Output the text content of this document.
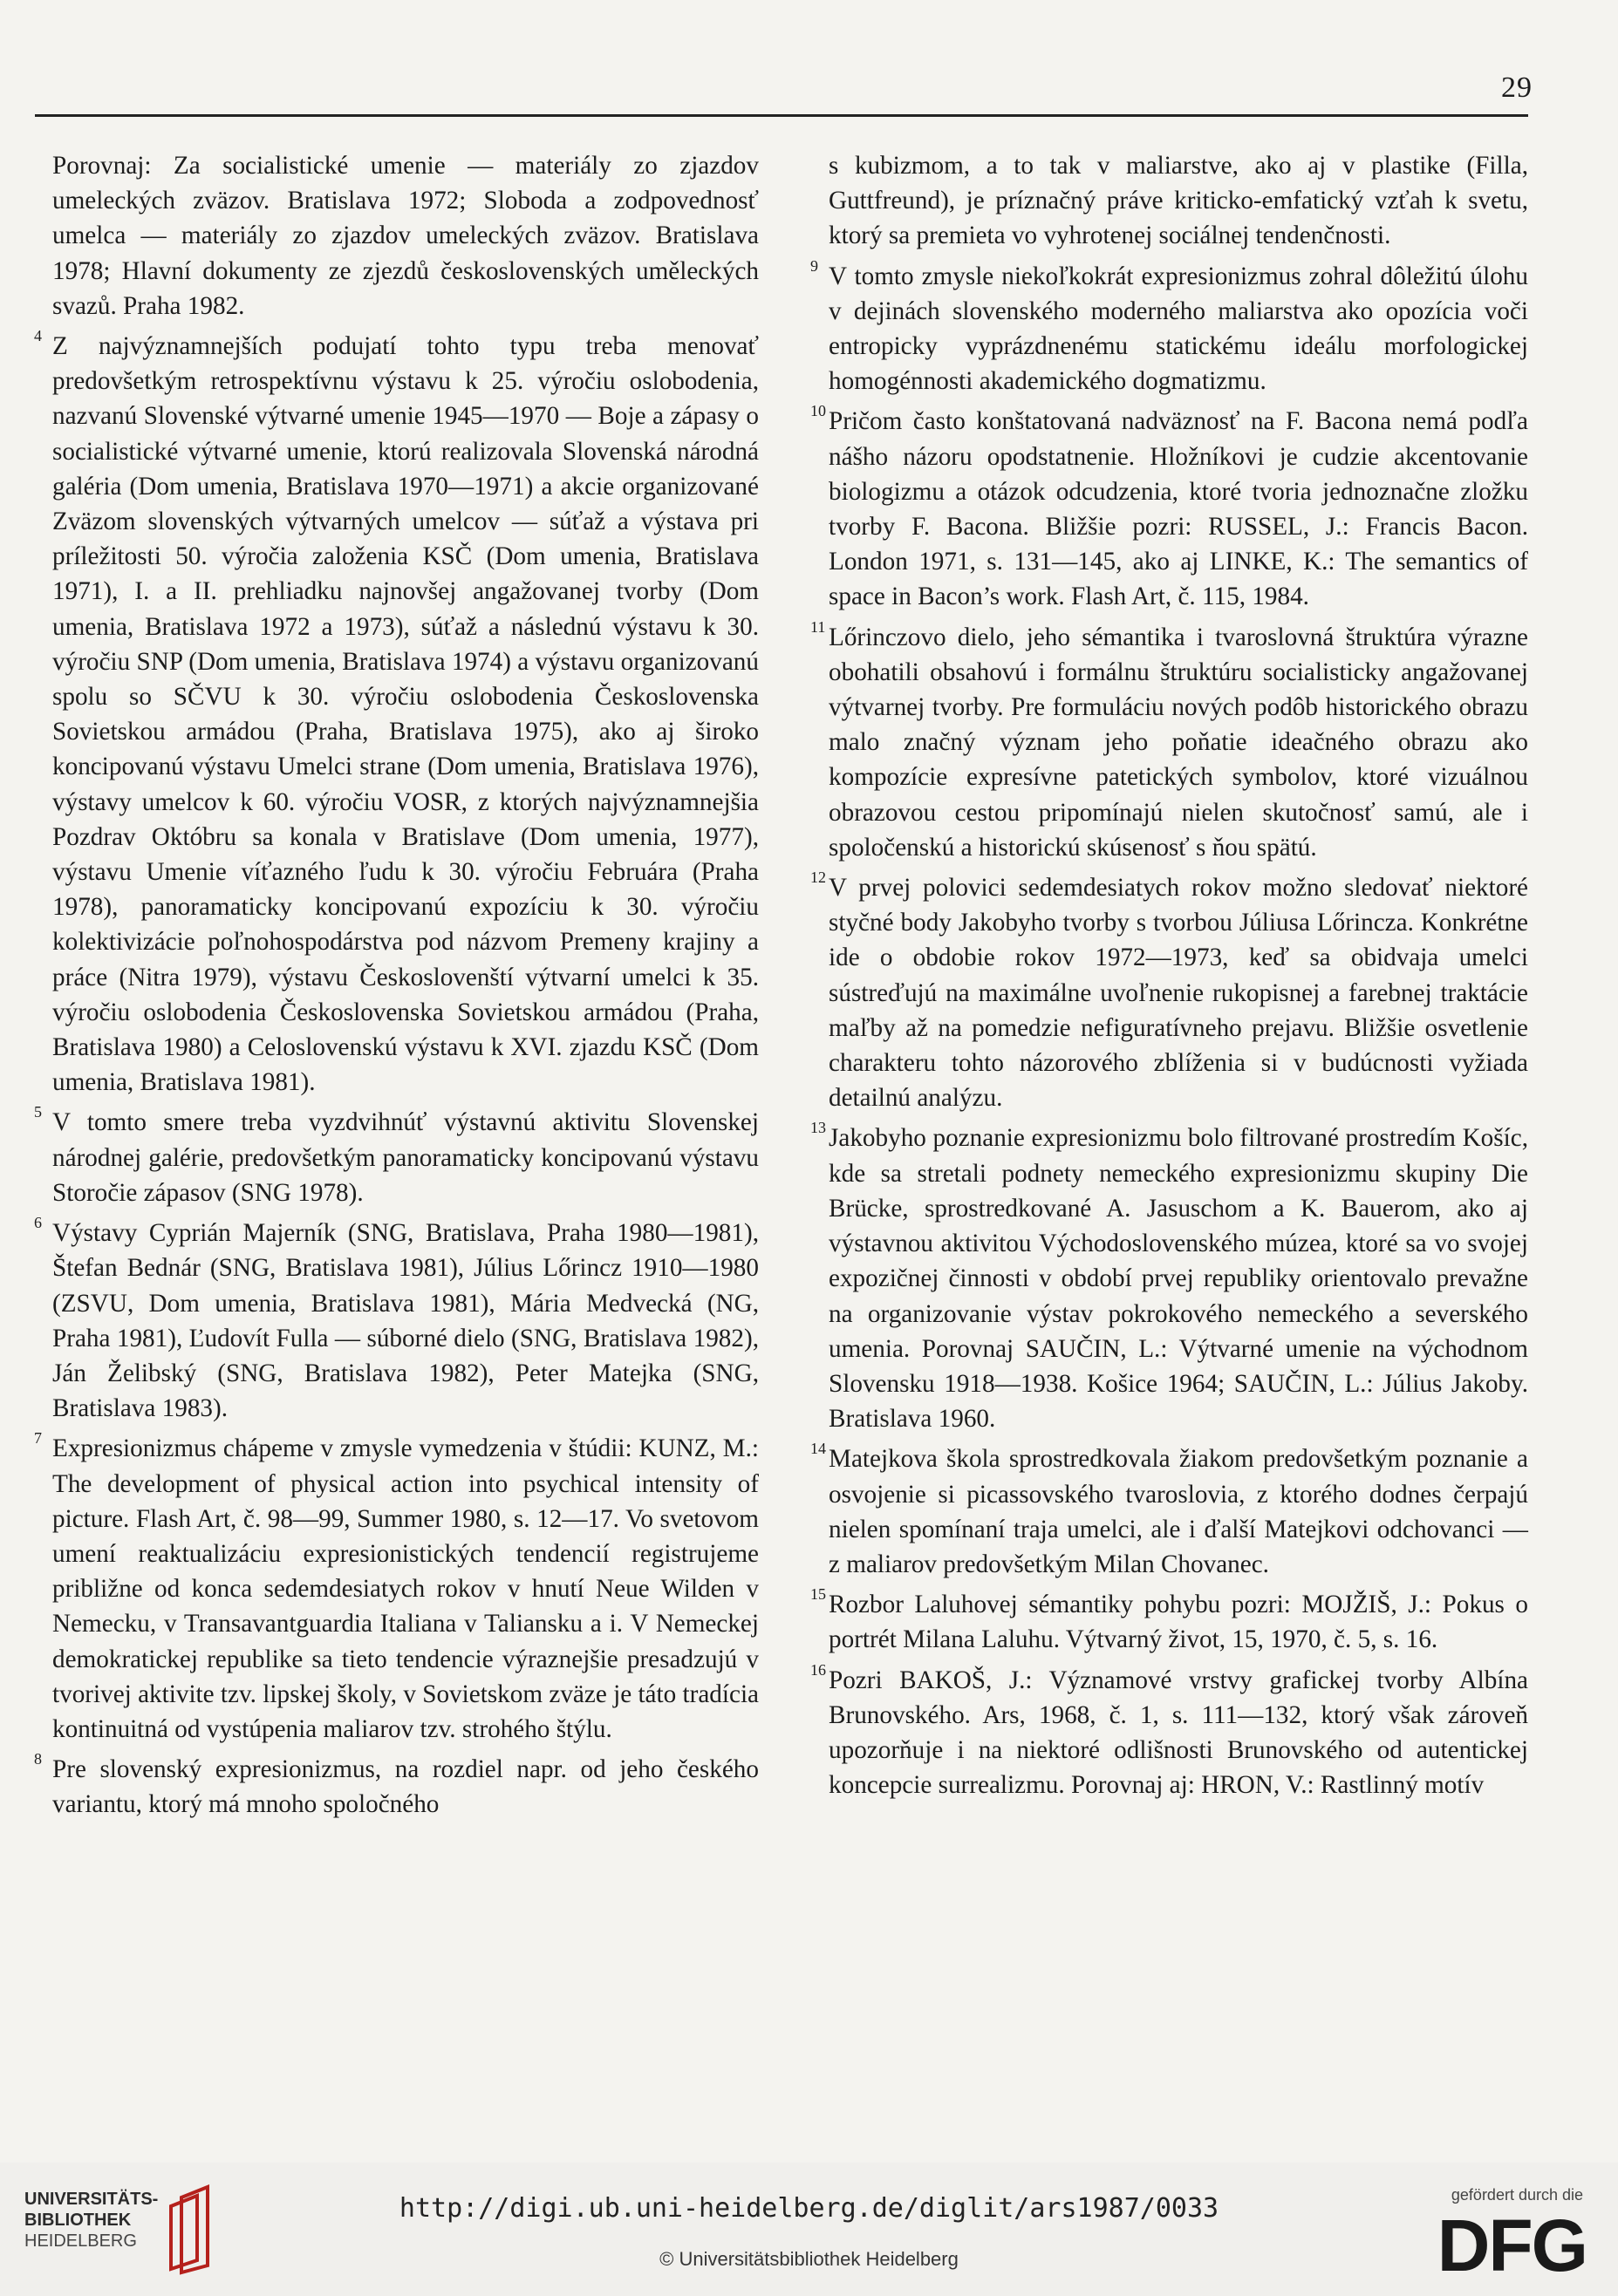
29

Porovnaj: Za socialistické umenie — materiály zo zjazdov umeleckých zväzov. Bratislava 1972; Sloboda a zodpovednosť umelca — materiály zo zjazdov umeleckých zväzov. Bratislava 1978; Hlavní dokumenty ze zjezdů československých uměleckých svazů. Praha 1982.

4 Z najvýznamnejších podujatí tohto typu treba menovať predovšetkým retrospektívnu výstavu k 25. výročiu oslobodenia, nazvanú Slovenské výtvarné umenie 1945—1970 — Boje a zápasy o socialistické výtvarné umenie, ktorú realizovala Slovenská národná galéria (Dom umenia, Bratislava 1970—1971) a akcie organizované Zväzom slovenských výtvarných umelcov — súťaž a výstava pri príležitosti 50. výročia založenia KSČ (Dom umenia, Bratislava 1971), I. a II. prehliadku najnovšej angažovanej tvorby (Dom umenia, Bratislava 1972 a 1973), súťaž a následnú výstavu k 30. výročiu SNP (Dom umenia, Bratislava 1974) a výstavu organizovanú spolu so SČVU k 30. výročiu oslobodenia Československa Sovietskou armádou (Praha, Bratislava 1975), ako aj široko koncipovanú výstavu Umelci strane (Dom umenia, Bratislava 1976), výstavy umelcov k 60. výročiu VOSR, z ktorých najvýznamnejšia Pozdrav Októbru sa konala v Bratislave (Dom umenia, 1977), výstavu Umenie víťazného ľudu k 30. výročiu Februára (Praha 1978), panoramaticky koncipovanú expozíciu k 30. výročiu kolektivizácie poľnohospodárstva pod názvom Premeny krajiny a práce (Nitra 1979), výstavu Českoslovenští výtvarní umelci k 35. výročiu oslobodenia Československa Sovietskou armádou (Praha, Bratislava 1980) a Celoslovenskú výstavu k XVI. zjazdu KSČ (Dom umenia, Bratislava 1981).

5 V tomto smere treba vyzdvihnúť výstavnú aktivitu Slovenskej národnej galérie, predovšetkým panoramaticky koncipovanú výstavu Storočie zápasov (SNG 1978).

6 Výstavy Cyprián Majerník (SNG, Bratislava, Praha 1980—1981), Štefan Bednár (SNG, Bratislava 1981), Július Lőrincz 1910—1980 (ZSVU, Dom umenia, Bratislava 1981), Mária Medvecká (NG, Praha 1981), Ľudovít Fulla — súborné dielo (SNG, Bratislava 1982), Ján Želibský (SNG, Bratislava 1982), Peter Matejka (SNG, Bratislava 1983).

7 Expresionizmus chápeme v zmysle vymedzenia v štúdii: KUNZ, M.: The development of physical action into psychical intensity of picture. Flash Art, č. 98—99, Summer 1980, s. 12—17. Vo svetovom umení reaktualizáciu expresionistických tendencií registrujeme približne od konca sedemdesiatych rokov v hnutí Neue Wilden v Nemecku, v Transavantguardia Italiana v Taliansku a i. V Nemeckej demokratickej republike sa tieto tendencie výraznejšie presadzujú v tvorivej aktivite tzv. lipskej školy, v Sovietskom zväze je táto tradícia kontinuitná od vystúpenia maliarov tzv. strohého štýlu.

8 Pre slovenský expresionizmus, na rozdiel napr. od jeho českého variantu, ktorý má mnoho spoločného

s kubizmom, a to tak v maliarstve, ako aj v plastike (Filla, Guttfreund), je príznačný práve kriticko-emfatický vzťah k svetu, ktorý sa premieta vo vyhrotenej sociálnej tendenčnosti.

9 V tomto zmysle niekoľkokrát expresionizmus zohral dôležitú úlohu v dejinách slovenského moderného maliarstva ako opozícia voči entropicky vyprázdnenému statickému ideálu morfologickej homogénnosti akademického dogmatizmu.

10 Pričom často konštatovaná nadväznosť na F. Bacona nemá podľa nášho názoru opodstatnenie. Hložníkovi je cudzie akcentovanie biologizmu a otázok odcudzenia, ktoré tvoria jednoznačne zložku tvorby F. Bacona. Bližšie pozri: RUSSEL, J.: Francis Bacon. London 1971, s. 131—145, ako aj LINKE, K.: The semantics of space in Bacon’s work. Flash Art, č. 115, 1984.

11 Lőrinczovo dielo, jeho sémantika i tvaroslovná štruktúra výrazne obohatili obsahovú i formálnu štruktúru socialisticky angažovanej výtvarnej tvorby. Pre formuláciu nových podôb historického obrazu malo značný význam jeho poňatie ideačného obrazu ako kompozície expresívne patetických symbolov, ktoré vizuálnou obrazovou cestou pripomínajú nielen skutočnosť samú, ale i spoločenskú a historickú skúsenosť s ňou spätú.

12 V prvej polovici sedemdesiatych rokov možno sledovať niektoré styčné body Jakobyho tvorby s tvorbou Júliusa Lőrincza. Konkrétne ide o obdobie rokov 1972—1973, keď sa obidvaja umelci sústreďujú na maximálne uvoľnenie rukopisnej a farebnej traktácie maľby až na pomedzie nefiguratívneho prejavu. Bližšie osvetlenie charakteru tohto názorového zblíženia si v budúcnosti vyžiada detailnú analýzu.

13 Jakobyho poznanie expresionizmu bolo filtrované prostredím Košíc, kde sa stretali podnety nemeckého expresionizmu skupiny Die Brücke, sprostredkované A. Jasuschom a K. Bauerom, ako aj výstavnou aktivitou Východoslovenského múzea, ktoré sa vo svojej expozičnej činnosti v období prvej republiky orientovalo prevažne na organizovanie výstav pokrokového nemeckého a severského umenia. Porovnaj SAUČIN, L.: Výtvarné umenie na východnom Slovensku 1918—1938. Košice 1964; SAUČIN, L.: Július Jakoby. Bratislava 1960.

14 Matejkova škola sprostredkovala žiakom predovšetkým poznanie a osvojenie si picassovského tvaroslovia, z ktorého dodnes čerpajú nielen spomínaní traja umelci, ale i ďalší Matejkovi odchovanci — z maliarov predovšetkým Milan Chovanec.

15 Rozbor Laluhovej sémantiky pohybu pozri: MOJŽIŠ, J.: Pokus o portrét Milana Laluhu. Výtvarný život, 15, 1970, č. 5, s. 16.

16 Pozri BAKOŠ, J.: Významové vrstvy grafickej tvorby Albína Brunovského. Ars, 1968, č. 1, s. 111—132, ktorý však zároveň upozorňuje i na niektoré odlišnosti Brunovského od autentickej koncepcie surrealizmu. Porovnaj aj: HRON, V.: Rastlinný motív

UNIVERSITÄTS-
BIBLIOTHEK
HEIDELBERG
http://digi.ub.uni-heidelberg.de/diglit/ars1987/0033
© Universitätsbibliothek Heidelberg
gefördert durch die
DFG
